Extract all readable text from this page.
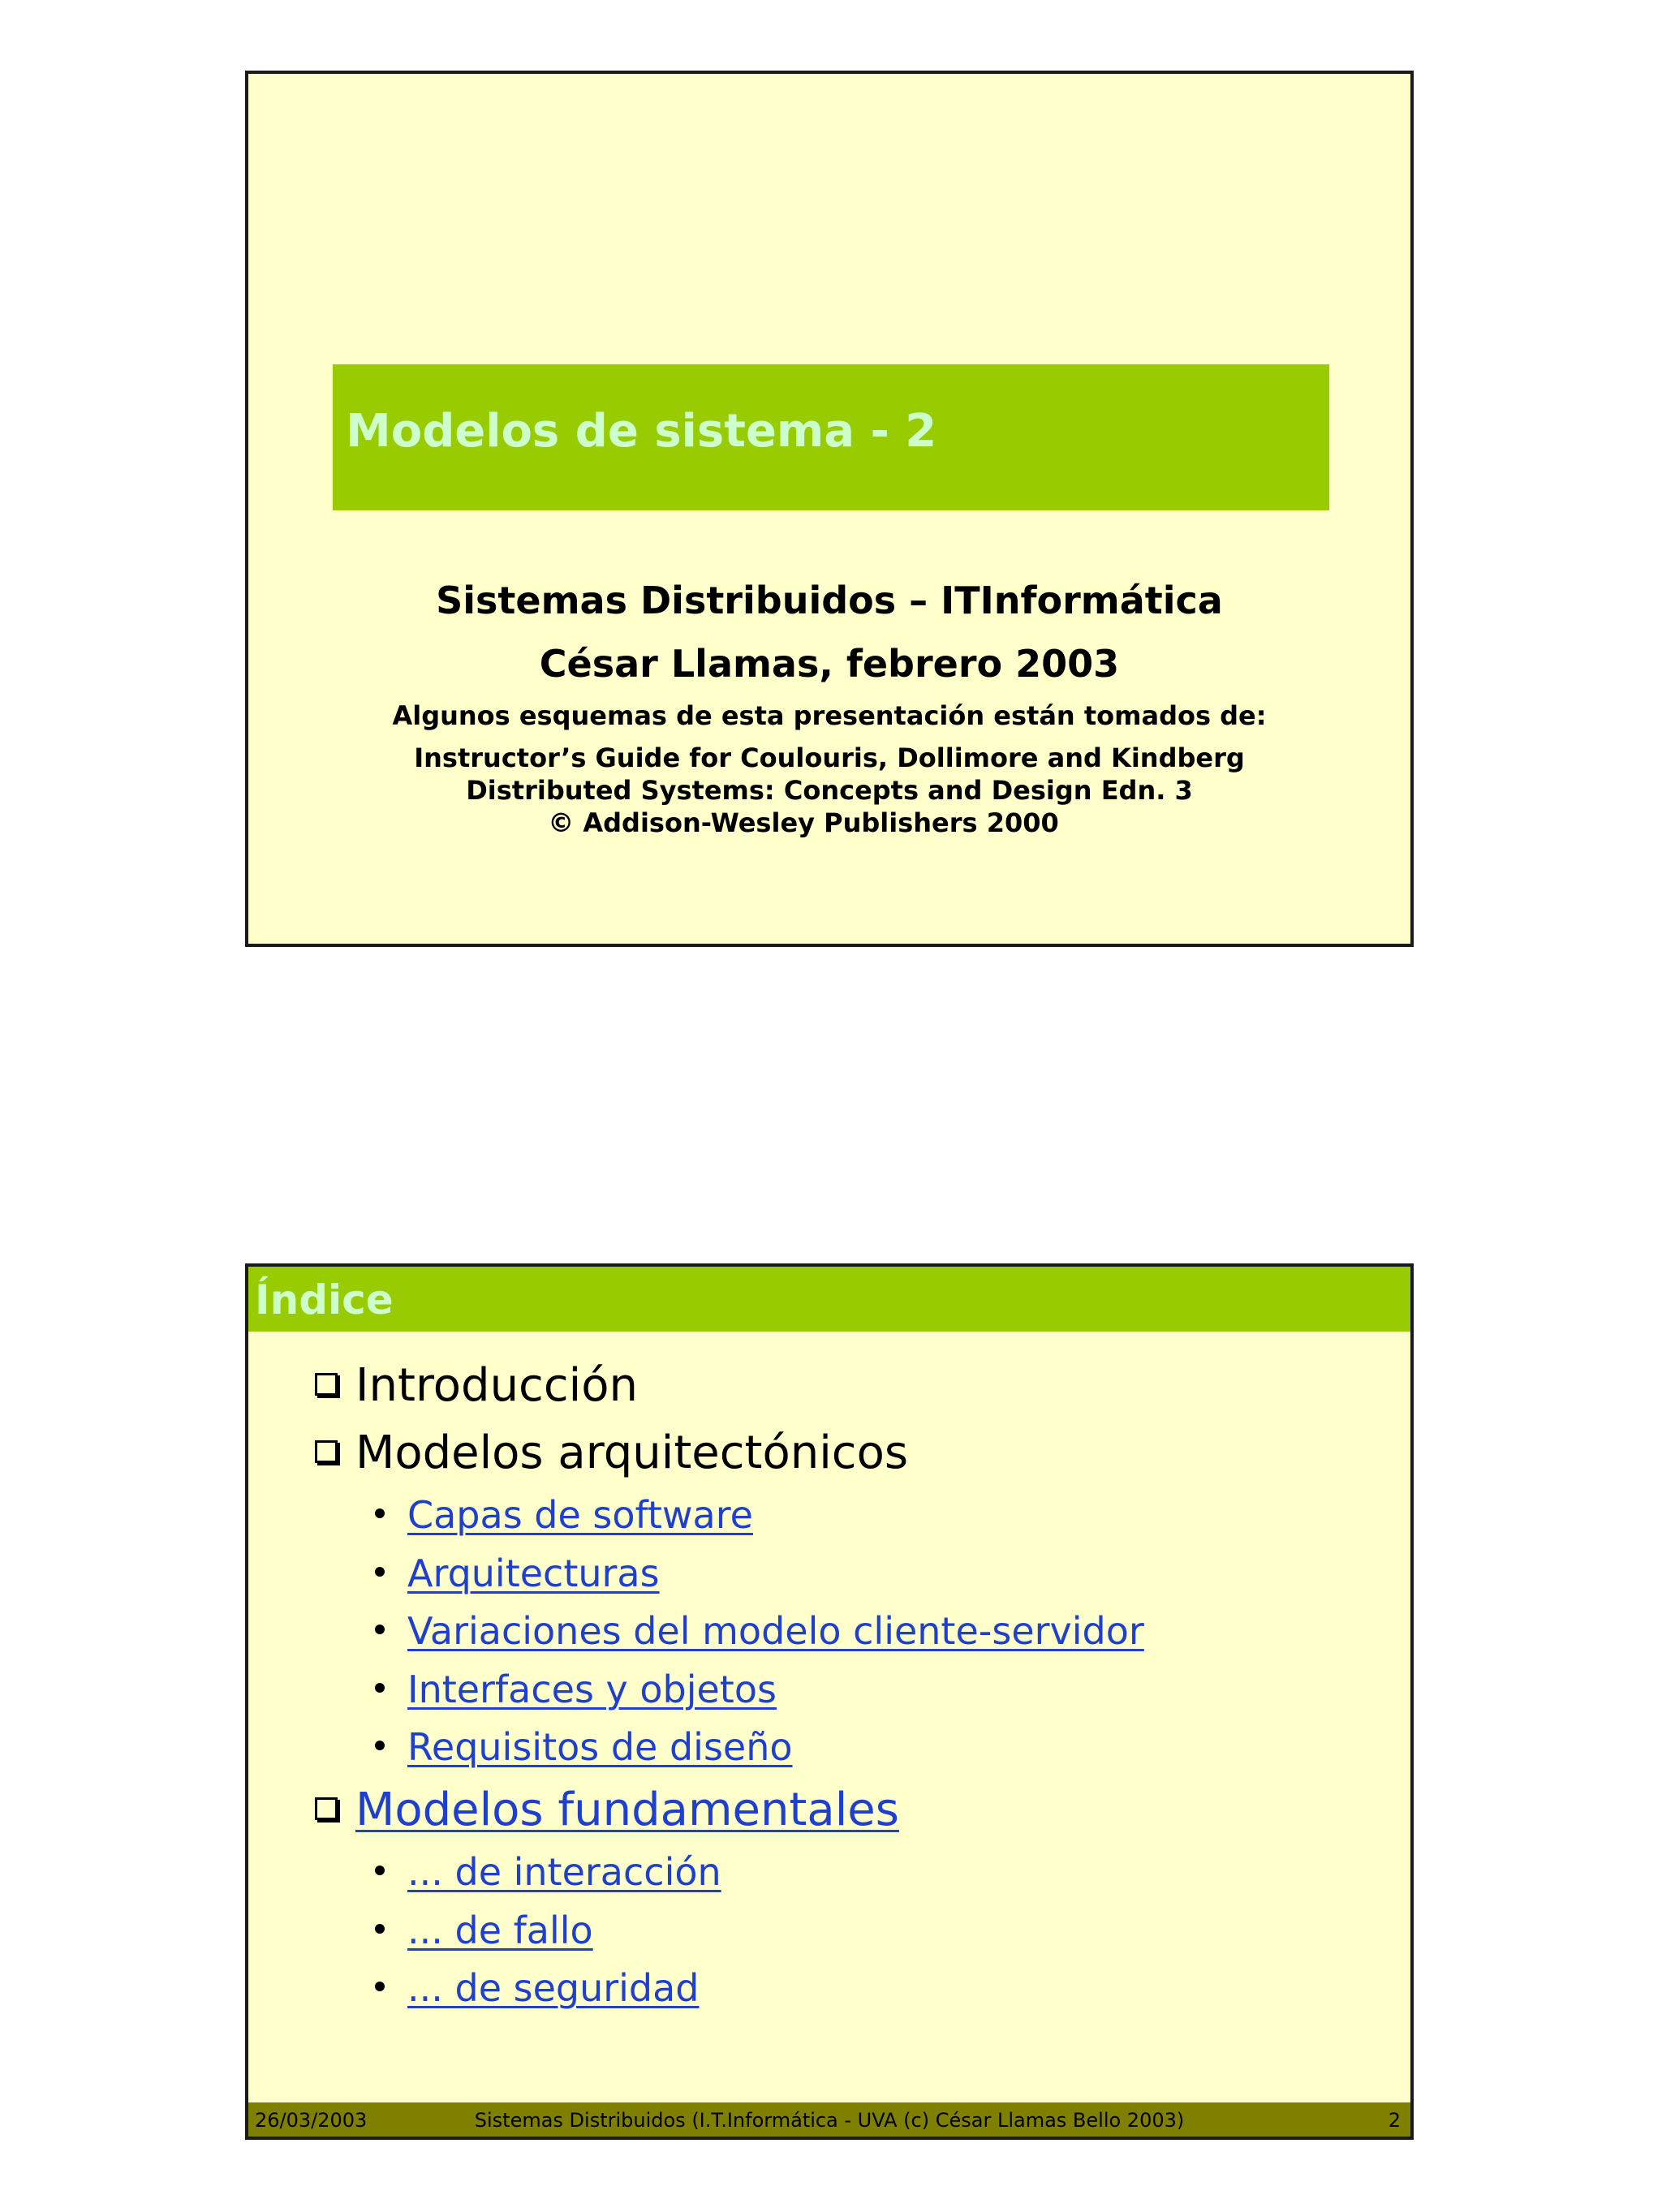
Modelos de sistema - 2
Sistemas Distribuidos – ITInformática
César Llamas, febrero 2003
Algunos esquemas de esta presentación están tomados de:
Instructor’s Guide for Coulouris, Dollimore and Kindberg
Distributed Systems: Concepts and Design Edn. 3
© Addison-Wesley Publishers 2000
Índice
Introducción
Modelos arquitectónicos
Capas de software
Arquitecturas
Variaciones del modelo cliente-servidor
Interfaces y objetos
Requisitos de diseño
Modelos fundamentales
... de interacción
... de fallo
... de seguridad
26/03/2003	Sistemas Distribuidos (I.T.Informática - UVA (c) César Llamas Bello 2003)	2
